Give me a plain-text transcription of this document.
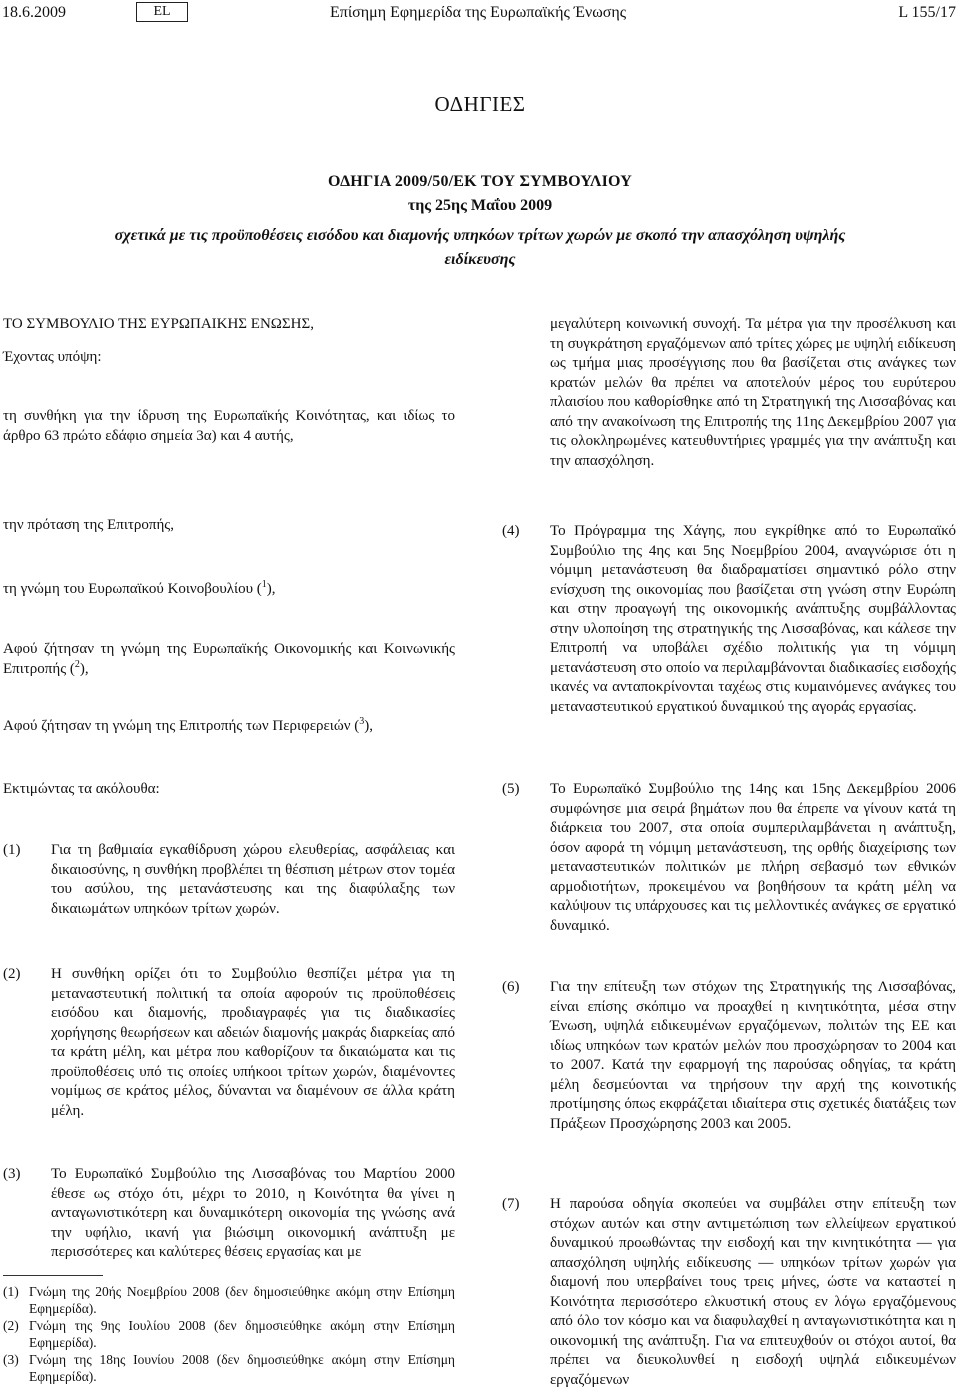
18.6.2009	EL	Επίσημη Εφημερίδα της Ευρωπαϊκής Ένωσης	L 155/17
ΟΔΗΓΙΕΣ
ΟΔΗΓΙΑ 2009/50/ΕΚ ΤΟΥ ΣΥΜΒΟΥΛΙΟΥ
της 25ης Μαΐου 2009
σχετικά με τις προϋποθέσεις εισόδου και διαμονής υπηκόων τρίτων χωρών με σκοπό την απασχόληση υψηλής ειδίκευσης

ΤΟ ΣΥΜΒΟΥΛΙΟ ΤΗΣ ΕΥΡΩΠΑΙΚΗΣ ΕΝΩΣΗΣ,

Έχοντας υπόψη:

τη συνθήκη για την ίδρυση της Ευρωπαϊκής Κοινότητας, και ιδίως το άρθρο 63 πρώτο εδάφιο σημεία 3α) και 4 αυτής,

την πρόταση της Επιτροπής,

τη γνώμη του Ευρωπαϊκού Κοινοβουλίου ($^1$),

Αφού ζήτησαν τη γνώμη της Ευρωπαϊκής Οικονομικής και Κοινωνικής Επιτροπής ($^2$),

Αφού ζήτησαν τη γνώμη της Επιτροπής των Περιφερειών ($^3$),

Εκτιμώντας τα ακόλουθα:

(1)	Για τη βαθμιαία εγκαθίδρυση χώρου ελευθερίας, ασφάλειας και δικαιοσύνης, η συνθήκη προβλέπει τη θέσπιση μέτρων στον τομέα του ασύλου, της μετανάστευσης και της διαφύλαξης των δικαιωμάτων υπηκόων τρίτων χωρών.
(2)	Η συνθήκη ορίζει ότι το Συμβούλιο θεσπίζει μέτρα για τη μεταναστευτική πολιτική τα οποία αφορούν τις προϋποθέσεις εισόδου και διαμονής, προδιαγραφές για τις διαδικασίες χορήγησης θεωρήσεων και αδειών διαμονής μακράς διαρκείας από τα κράτη μέλη, και μέτρα που καθορίζουν τα δικαιώματα και τις προϋποθέσεις υπό τις οποίες υπήκοοι τρίτων χωρών, διαμένοντες νομίμως σε κράτος μέλος, δύνανται να διαμένουν σε άλλα κράτη μέλη.
(3)	Το Ευρωπαϊκό Συμβούλιο της Λισσαβόνας του Μαρτίου 2000 έθεσε ως στόχο ότι, μέχρι το 2010, η Κοινότητα θα γίνει η ανταγωνιστικότερη και δυναμικότερη οικονομία της γνώσης ανά την υφήλιο, ικανή για βιώσιμη οικονομική ανάπτυξη με περισσότερες και καλύτερες θέσεις εργασίας και με
(1) Γνώμη της 20ής Νοεμβρίου 2008 (δεν δημοσιεύθηκε ακόμη στην Επίσημη Εφημερίδα).
(2) Γνώμη της 9ης Ιουλίου 2008 (δεν δημοσιεύθηκε ακόμη στην Επίσημη Εφημερίδα).
(3) Γνώμη της 18ης Ιουνίου 2008 (δεν δημοσιεύθηκε ακόμη στην Επίσημη Εφημερίδα).
μεγαλύτερη κοινωνική συνοχή. Τα μέτρα για την προσέλκυση και τη συγκράτηση εργαζόμενων από τρίτες χώρες με υψηλή ειδίκευση ως τμήμα μιας προσέγγισης που θα βασίζεται στις ανάγκες των κρατών μελών θα πρέπει να αποτελούν μέρος του ευρύτερου πλαισίου που καθορίσθηκε από τη Στρατηγική της Λισσαβόνας και από την ανακοίνωση της Επιτροπής της 11ης Δεκεμβρίου 2007 για τις ολοκληρωμένες κατευθυντήριες γραμμές για την ανάπτυξη και την απασχόληση.
(4)	Το Πρόγραμμα της Χάγης, που εγκρίθηκε από το Ευρωπαϊκό Συμβούλιο της 4ης και 5ης Νοεμβρίου 2004, αναγνώρισε ότι η νόμιμη μετανάστευση θα διαδραματίσει σημαντικό ρόλο στην ενίσχυση της οικονομίας που βασίζεται στη γνώση στην Ευρώπη και στην προαγωγή της οικονομικής ανάπτυξης συμβάλλοντας στην υλοποίηση της στρατηγικής της Λισσαβόνας, και κάλεσε την Επιτροπή να υποβάλει σχέδιο πολιτικής για τη νόμιμη μετανάστευση στο οποίο να περιλαμβάνονται διαδικασίες εισδοχής ικανές να ανταποκρίνονται ταχέως στις κυμαινόμενες ανάγκες του μεταναστευτικού εργατικού δυναμικού της αγοράς εργασίας.
(5)	Το Ευρωπαϊκό Συμβούλιο της 14ης και 15ης Δεκεμβρίου 2006 συμφώνησε μια σειρά βημάτων που θα έπρεπε να γίνουν κατά τη διάρκεια του 2007, στα οποία συμπεριλαμβάνεται η ανάπτυξη, όσον αφορά τη νόμιμη μετανάστευση, της ορθής διαχείρισης των μεταναστευτικών πολιτικών με πλήρη σεβασμό των εθνικών αρμοδιοτήτων, προκειμένου να βοηθήσουν τα κράτη μέλη να καλύψουν τις υπάρχουσες και τις μελλοντικές ανάγκες σε εργατικό δυναμικό.
(6)	Για την επίτευξη των στόχων της Στρατηγικής της Λισσαβόνας, είναι επίσης σκόπιμο να προαχθεί η κινητικότητα, μέσα στην Ένωση, υψηλά ειδικευμένων εργαζόμενων, πολιτών της ΕΕ και ιδίως υπηκόων των κρατών μελών που προσχώρησαν το 2004 και το 2007. Κατά την εφαρμογή της παρούσας οδηγίας, τα κράτη μέλη δεσμεύονται να τηρήσουν την αρχή της κοινοτικής προτίμησης όπως εκφράζεται ιδιαίτερα στις σχετικές διατάξεις των Πράξεων Προσχώρησης 2003 και 2005.
(7)	Η παρούσα οδηγία σκοπεύει να συμβάλει στην επίτευξη των στόχων αυτών και στην αντιμετώπιση των ελλείψεων εργατικού δυναμικού προωθώντας την εισδοχή και την κινητικότητα — για απασχόληση υψηλής ειδίκευσης — υπηκόων τρίτων χωρών για διαμονή που υπερβαίνει τους τρεις μήνες, ώστε να καταστεί η Κοινότητα περισσότερο ελκυστική στους εν λόγω εργαζόμενους από όλο τον κόσμο και να διαφυλαχθεί η ανταγωνιστικότητα και η οικονομική της ανάπτυξη. Για να επιτευχθούν οι στόχοι αυτοί, θα πρέπει να διευκολυνθεί η εισδοχή υψηλά ειδικευμένων εργαζόμενων
